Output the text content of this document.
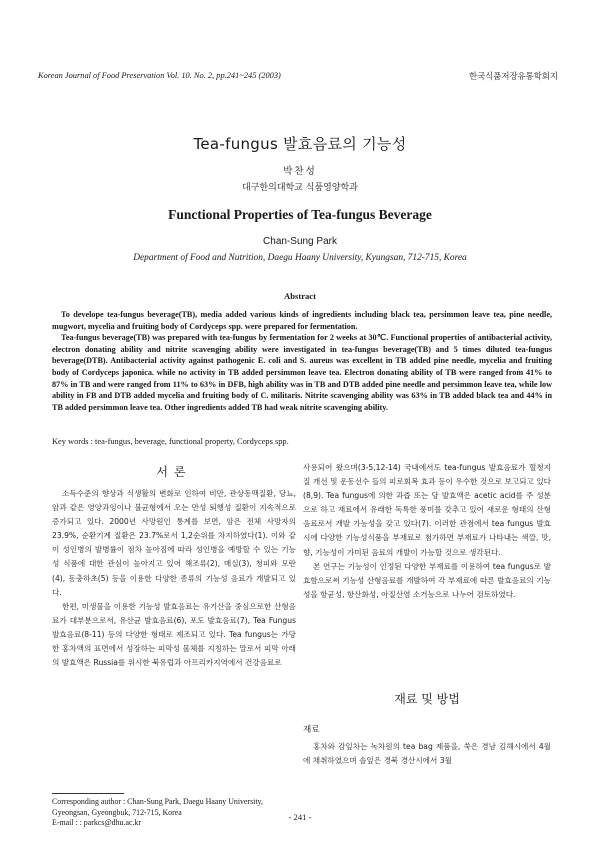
Korean Journal of Food Preservation Vol. 10. No. 2, pp.241~245 (2003)	한국식품저장유통학회지
Tea-fungus 발효음료의 기능성
박찬성
대구한의대학교 식품영양학과
Functional Properties of Tea-fungus Beverage
Chan-Sung Park
Department of Food and Nutrition, Daegu Haany University, Kyungsan, 712-715, Korea
Abstract

To develope tea-fungus beverage(TB), media added various kinds of ingredients including black tea, persimmon leave tea, pine needle, mugwort, mycelia and fruiting body of Cordyceps spp. were prepared for fermentation.

Tea-fungus beverage(TB) was prepared with tea-fungus by fermentation for 2 weeks at 30℃. Functional properties of antibacterial activity, electron donating ability and nitrite scavenging ability were investigated in tea-fungus beverage(TB) and 5 times diluted tea-fungus beverage(DTB). Antibacterial activity against pathogenic E. coli and S. aureus was excellent in TB added pine needle, mycelia and fruiting body of Cordyceps japonica. while no activity in TB added persimmon leave tea. Electron donating ability of TB were ranged from 41% to 87% in TB and were ranged from 11% to 63% in DFB, high ability was in TB and DTB added pine needle and persimmon leave tea, while low ability in FB and DTB added mycelia and fruiting body of C. militaris. Nitrite scavenging ability was 63% in TB added black tea and 44% in TB added persimmon leave tea. Other ingredients added TB had weak nitrite scavenging ability.

Key words : tea-fungus, beverage, functional property, Cordyceps spp.
서론

소득수준의 향상과 식생활의 변화로 인하여 비만, 관상동맥질환, 당뇨, 암과 같은 영양과잉이나 불균형에서 오는 만성 퇴행성 질환이 지속적으로 증가되고 있다. 2000년 사망원인 통계를 보면, 암은 전체 사망자의 23.9%, 순환기계 질환은 23.7%로서 1,2순위를 차지하였다(1). 이와 같이 성인병의 발병률이 점차 높아짐에 따라 성인병을 예방할 수 있는 기능성 식품에 대한 관심이 높아지고 있어 해조류(2), 매실(3), 청피와 모란(4), 동충하초(5) 등을 이용한 다양한 종류의 기능성 음료가 개발되고 있다.

한편, 미생물을 이용한 기능성 발효음료는 유기산을 중심으로한 산형음료가 대부분으로서, 유산균 발효음료(6), 포도 발효음료(7), Tea Fungus 발효음료(8-11) 등의 다양한 형태로 제조되고 있다. Tea fungus는 가당한 홍차액의 표면에서 성장하는 피막성 물체를 지칭하는 말로서 피막 아래의 발효액은 Russia를 위시한 북유럽과 아프리카지역에서 건강음료로

사용되어 왔으며(3-5,12-14) 국내에서도 tea-fungus 발효음료가 혈청지질 개선 및 운동선수 들의 피로회복 효과 등이 우수한 것으로 보고되고 있다(8,9). Tea fungus에 의한 과즙 또는 당 발효액은 acetic acid를 주 성분으로 하고 재료에서 유래한 독특한 풍미를 갖추고 있어 새로운 형태의 산형음료로서 개발 가능성을 갖고 있다(7). 이러한 관점에서 tea fungus 발효시에 다양한 기능성식품을 부재료로 첨가하면 부재료가 나타내는 색깔, 맛, 향, 기능성이 가미된 음료의 개발이 가능할 것으로 생각된다.

본 연구는 기능성이 인정된 다양한 부재료를 이용하여 tea fungus로 발효함으로써 기능성 산형음료를 개발하여 각 부재료에 따른 발효음료의 기능성을 항균성, 항산화성, 아질산염 소거능으로 나누어 검토하였다.

재료 및 방법
재료

홍차와 감잎차는 녹차원의 tea bag 제품을, 쑥은 경남 김해시에서 4월에 채취하였으며 솔잎은 경북 경산시에서 3월

Corresponding author : Chan-Sung Park, Daegu Haany University,
Gyeongsan, Gyeongbuk, 712-715, Korea
E-mail : : parkcs@dhu.ac.kr
- 241 -
